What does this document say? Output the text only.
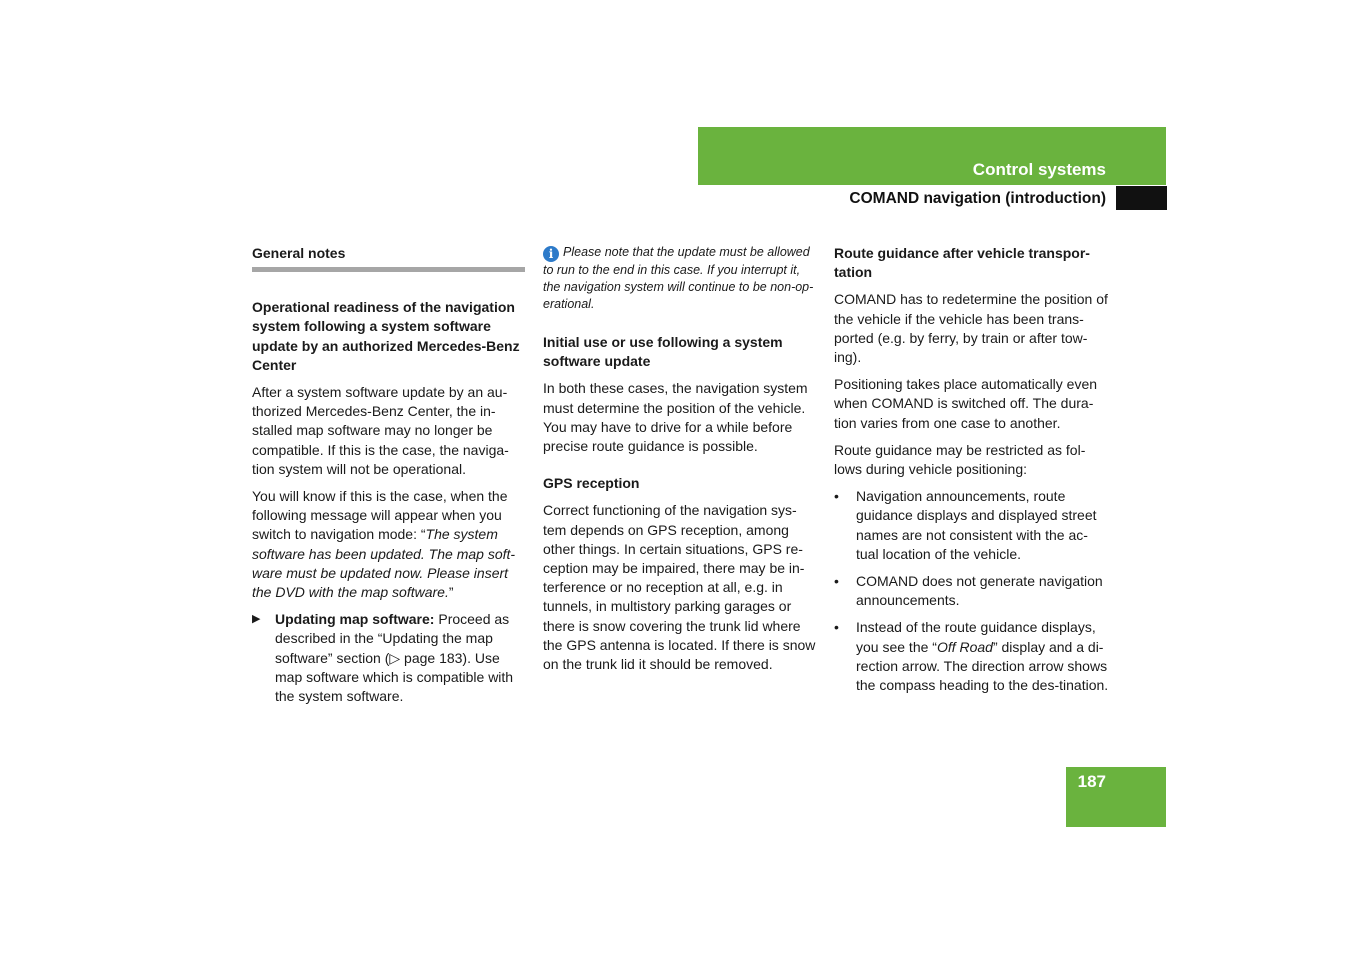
Control systems
COMAND navigation (introduction)
General notes

Operational readiness of the navigation system following a system software update by an authorized Mercedes-Benz Center

After a system software update by an au-thorized Mercedes-Benz Center, the in-stalled map software may no longer be compatible. If this is the case, the naviga-tion system will not be operational.

You will know if this is the case, when the following message will appear when you switch to navigation mode: “The system software has been updated. The map soft-ware must be updated now. Please insert the DVD with the map software.”

▶ Updating map software: Proceed as described in the “Updating the map software” section (▷ page 183). Use map software which is compatible with the system software.

i Please note that the update must be allowed to run to the end in this case. If you interrupt it, the navigation system will continue to be non-op-erational.

Initial use or use following a system software update

In both these cases, the navigation system must determine the position of the vehicle. You may have to drive for a while before precise route guidance is possible.

GPS reception

Correct functioning of the navigation sys-tem depends on GPS reception, among other things. In certain situations, GPS re-ception may be impaired, there may be in-terference or no reception at all, e.g. in tunnels, in multistory parking garages or there is snow covering the trunk lid where the GPS antenna is located. If there is snow on the trunk lid it should be removed.

Route guidance after vehicle transpor-tation

COMAND has to redetermine the position of the vehicle if the vehicle has been trans-ported (e.g. by ferry, by train or after tow-ing).

Positioning takes place automatically even when COMAND is switched off. The dura-tion varies from one case to another.

Route guidance may be restricted as fol-lows during vehicle positioning:

• Navigation announcements, route guidance displays and displayed street names are not consistent with the ac-tual location of the vehicle.
• COMAND does not generate navigation announcements.
• Instead of the route guidance displays, you see the “Off Road” display and a di-rection arrow. The direction arrow shows the compass heading to the des-tination.
187
